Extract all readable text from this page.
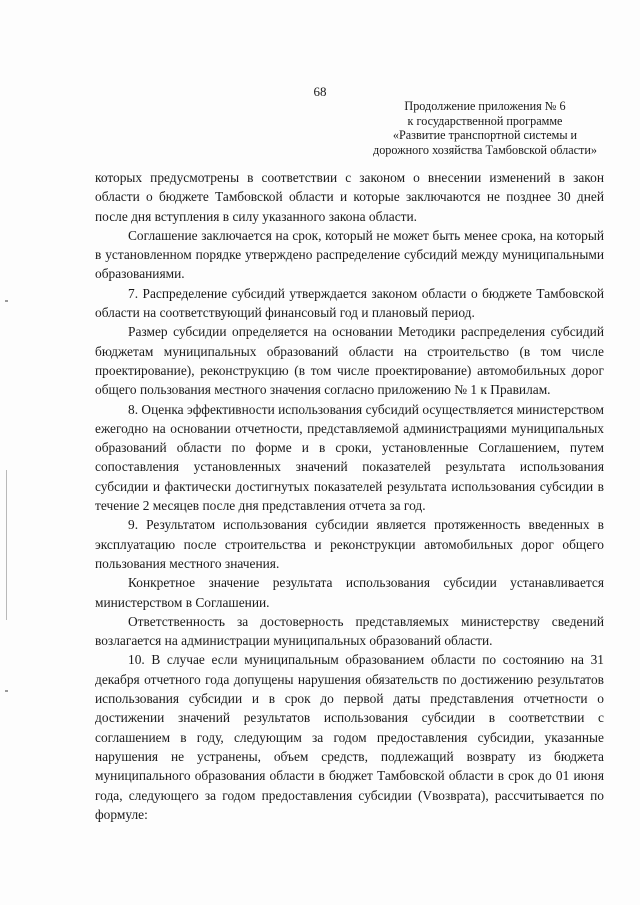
68
Продолжение приложения № 6
к государственной программе
«Развитие транспортной системы и
дорожного хозяйства Тамбовской области»

которых предусмотрены в соответствии с законом о внесении изменений в закон области о бюджете Тамбовской области и которые заключаются не позднее 30 дней после дня вступления в силу указанного закона области.

Соглашение заключается на срок, который не может быть менее срока, на который в установленном порядке утверждено распределение субсидий между муниципальными образованиями.

7. Распределение субсидий утверждается законом области о бюджете Тамбовской области на соответствующий финансовый год и плановый период.

Размер субсидии определяется на основании Методики распределения субсидий бюджетам муниципальных образований области на строительство (в том числе проектирование), реконструкцию (в том числе проектирование) автомобильных дорог общего пользования местного значения согласно приложению № 1 к Правилам.

8. Оценка эффективности использования субсидий осуществляется министерством ежегодно на основании отчетности, представляемой администрациями муниципальных образований области по форме и в сроки, установленные Соглашением, путем сопоставления установленных значений показателей результата использования субсидии и фактически достигнутых показателей результата использования субсидии в течение 2 месяцев после дня представления отчета за год.

9. Результатом использования субсидии является протяженность введенных в эксплуатацию после строительства и реконструкции автомобильных дорог общего пользования местного значения.

Конкретное значение результата использования субсидии устанавливается министерством в Соглашении.

Ответственность за достоверность представляемых министерству сведений возлагается на администрации муниципальных образований области.

10. В случае если муниципальным образованием области по состоянию на 31 декабря отчетного года допущены нарушения обязательств по достижению результатов использования субсидии и в срок до первой даты представления отчетности о достижении значений результатов использования субсидии в соответствии с соглашением в году, следующим за годом предоставления субсидии, указанные нарушения не устранены, объем средств, подлежащий возврату из бюджета муниципального образования области в бюджет Тамбовской области в срок до 01 июня года, следующего за годом предоставления субсидии (Vвозврата), рассчитывается по формуле:
